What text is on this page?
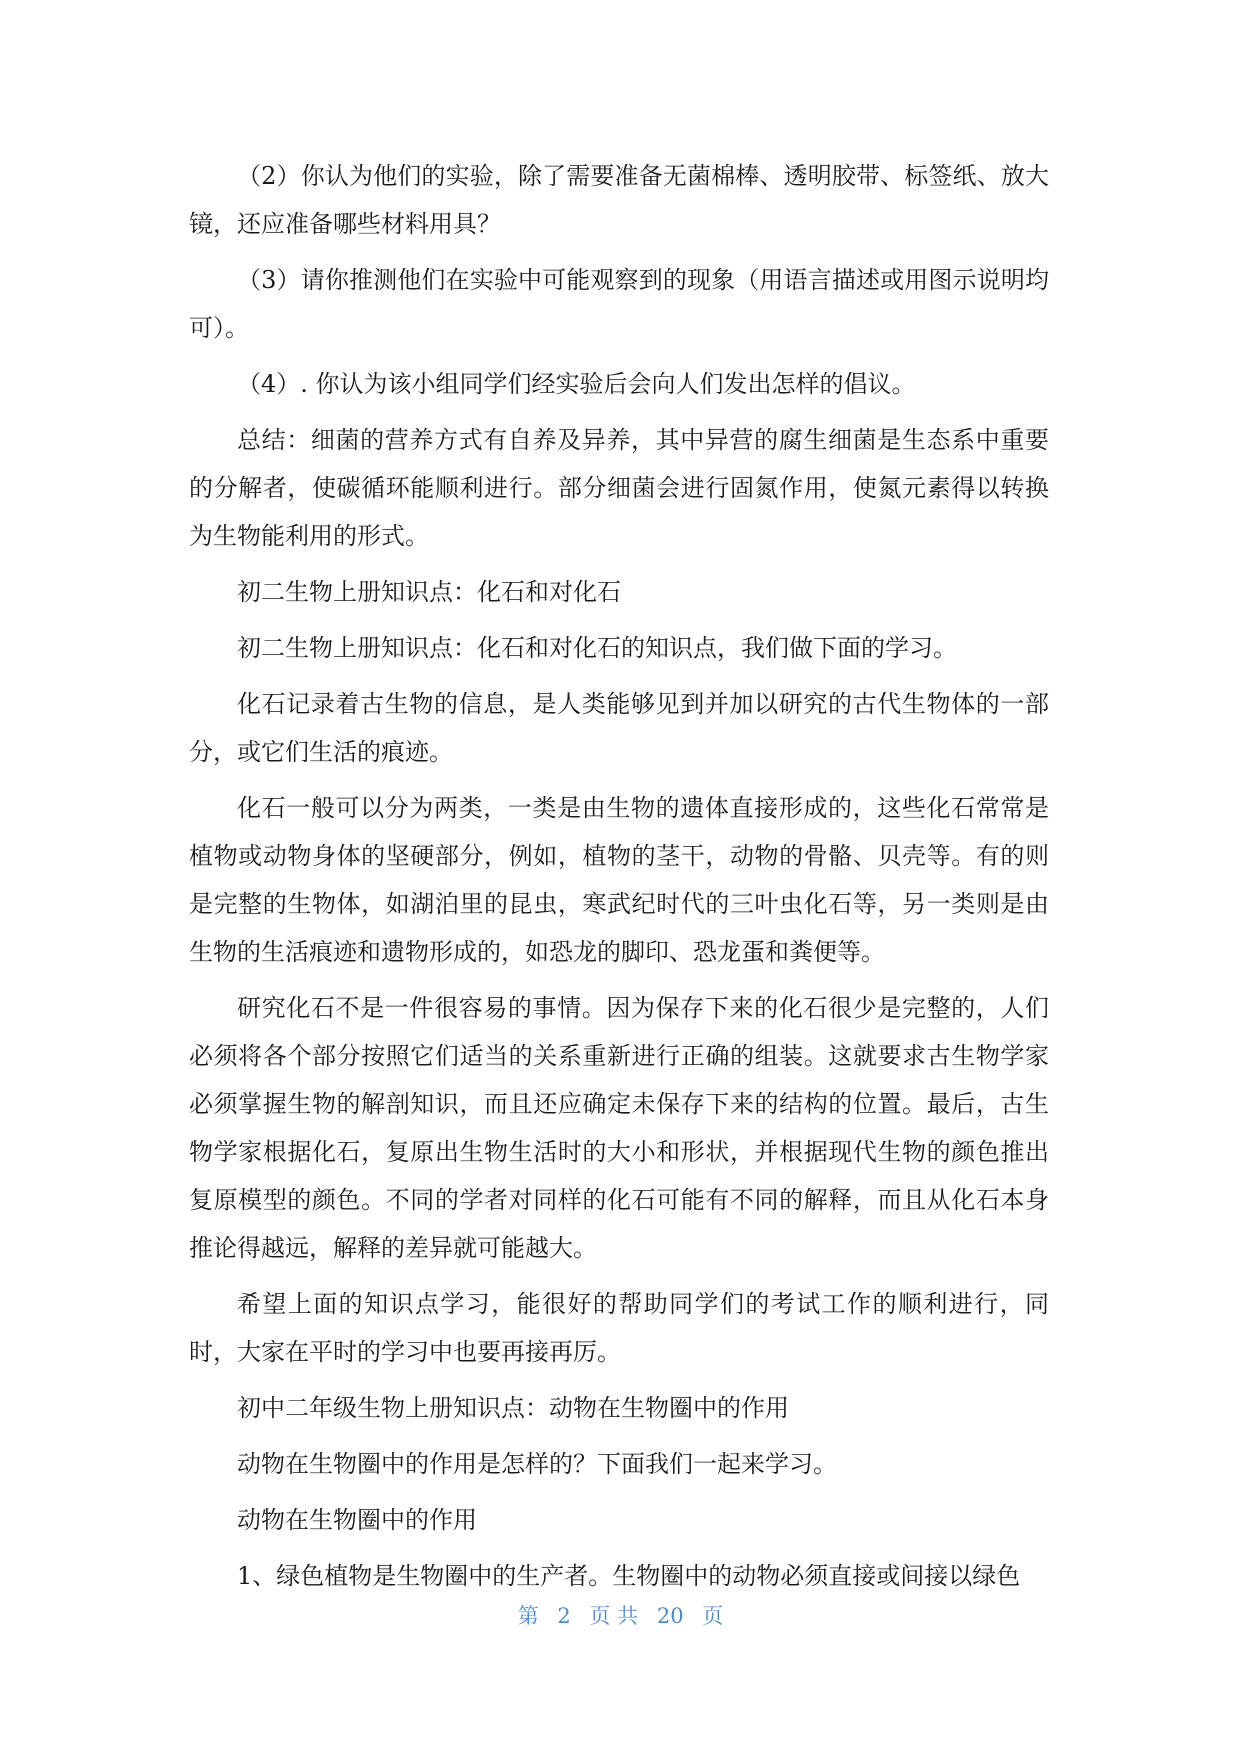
（2）你认为他们的实验，除了需要准备无菌棉棒、透明胶带、标签纸、放大镜，还应准备哪些材料用具？

（3）请你推测他们在实验中可能观察到的现象（用语言描述或用图示说明均可）。

（4）. 你认为该小组同学们经实验后会向人们发出怎样的倡议。

总结：细菌的营养方式有自养及异养，其中异营的腐生细菌是生态系中重要的分解者，使碳循环能顺利进行。部分细菌会进行固氮作用，使氮元素得以转换为生物能利用的形式。

初二生物上册知识点：化石和对化石

初二生物上册知识点：化石和对化石的知识点，我们做下面的学习。

化石记录着古生物的信息，是人类能够见到并加以研究的古代生物体的一部分，或它们生活的痕迹。

化石一般可以分为两类，一类是由生物的遗体直接形成的，这些化石常常是植物或动物身体的坚硬部分，例如，植物的茎干，动物的骨骼、贝壳等。有的则是完整的生物体，如湖泊里的昆虫，寒武纪时代的三叶虫化石等，另一类则是由生物的生活痕迹和遗物形成的，如恐龙的脚印、恐龙蛋和粪便等。

研究化石不是一件很容易的事情。因为保存下来的化石很少是完整的，人们必须将各个部分按照它们适当的关系重新进行正确的组装。这就要求古生物学家必须掌握生物的解剖知识，而且还应确定未保存下来的结构的位置。最后，古生物学家根据化石，复原出生物生活时的大小和形状，并根据现代生物的颜色推出复原模型的颜色。不同的学者对同样的化石可能有不同的解释，而且从化石本身推论得越远，解释的差异就可能越大。

希望上面的知识点学习，能很好的帮助同学们的考试工作的顺利进行，同时，大家在平时的学习中也要再接再厉。

初中二年级生物上册知识点：动物在生物圈中的作用

动物在生物圈中的作用是怎样的？下面我们一起来学习。

动物在生物圈中的作用

1、绿色植物是生物圈中的生产者。生物圈中的动物必须直接或间接以绿色

第 2 页 共 20 页
